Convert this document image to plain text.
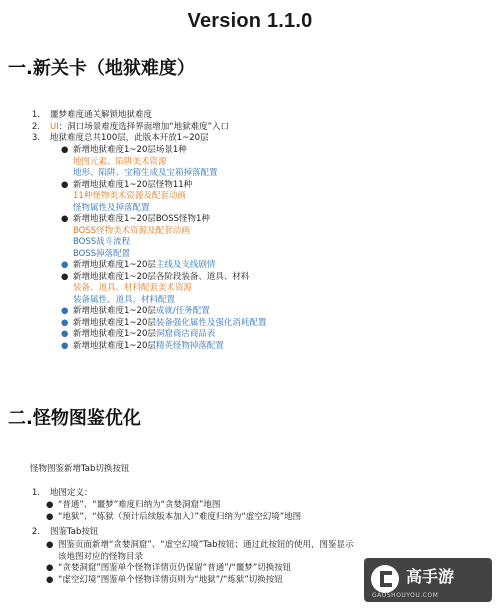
Version 1.1.0
一.新关卡（地狱难度）
1. 噩梦难度通关解锁地狱难度
2. UI：洞口场景难度选择界面增加“地狱难度”入口
3. 地狱难度总共100层，此版本开放1~20层
● 新增地狱难度1~20层场景1种
地图元素、陷阱美术资源
地形、陷阱、宝箱生成及宝箱掉落配置
● 新增地狱难度1~20层怪物11种
11种怪物美术资源及配套动画
怪物属性及掉落配置
● 新增地狱难度1~20层BOSS怪物1种
BOSS怪物美术资源及配套动画
BOSS战斗流程
BOSS掉落配置
● 新增地狱难度1~20层主线及支线剧情
● 新增地狱难度1~20层各阶段装备、道具、材料
装备、道具、材料配套美术资源
装备属性、道具、材料配置
● 新增地狱难度1~20层成就/任务配置
● 新增地狱难度1~20层装备强化属性及强化消耗配置
● 新增地狱难度1~20层洞窟商店商品表
● 新增地狱难度1~20层精英怪物掉落配置
二.怪物图鉴优化
怪物图鉴新增Tab切换按钮
1. 地图定义：
● “普通”、“噩梦”难度归纳为“贪婪洞窟”地图
● “地狱”、“炼狱（预计后续版本加入）”难度归纳为“虚空幻境”地图
2. 图鉴Tab按钮
● 图鉴页面新增“贪婪洞窟”、“虚空幻境”Tab按钮；通过此按钮的使用，图鉴显示
该地图对应的怪物目录
● “贪婪洞窟”图鉴单个怪物详情页仍保留“普通”/“噩梦”切换按钮
● “虚空幻境”图鉴单个怪物详情页则为“地狱”/“炼狱”切换按钮	高手游
GAOSHOUYOU.COM
